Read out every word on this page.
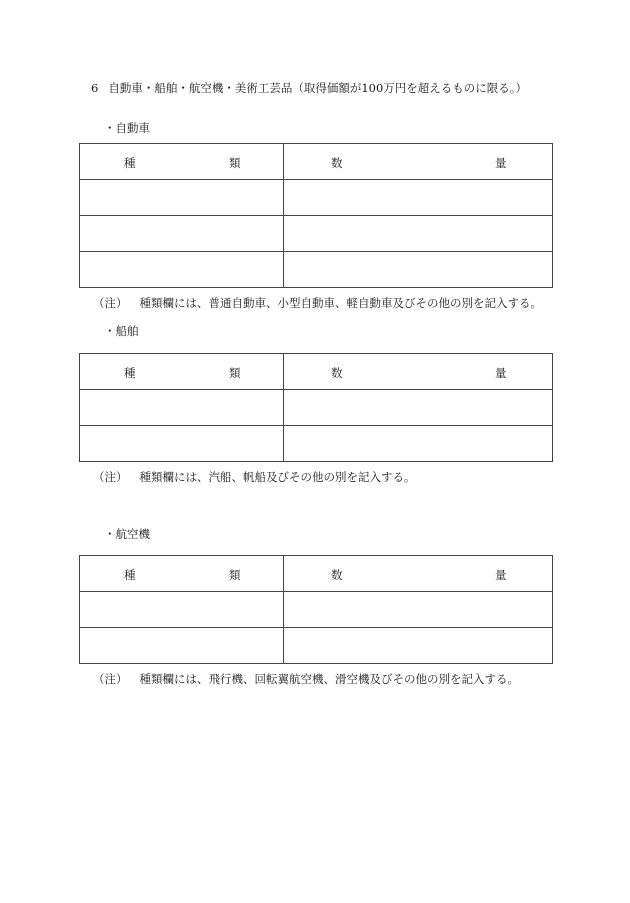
6 自動車・船舶・航空機・美術工芸品（取得価額が100万円を超えるものに限る。）
・自動車
種 類	数 量

（注） 種類欄には、普通自動車、小型自動車、軽自動車及びその他の別を記入する。
・船舶
種 類	数 量

（注） 種類欄には、汽船、帆船及びその他の別を記入する。
・航空機
種 類	数 量

（注） 種類欄には、飛行機、回転翼航空機、滑空機及びその他の別を記入する。
